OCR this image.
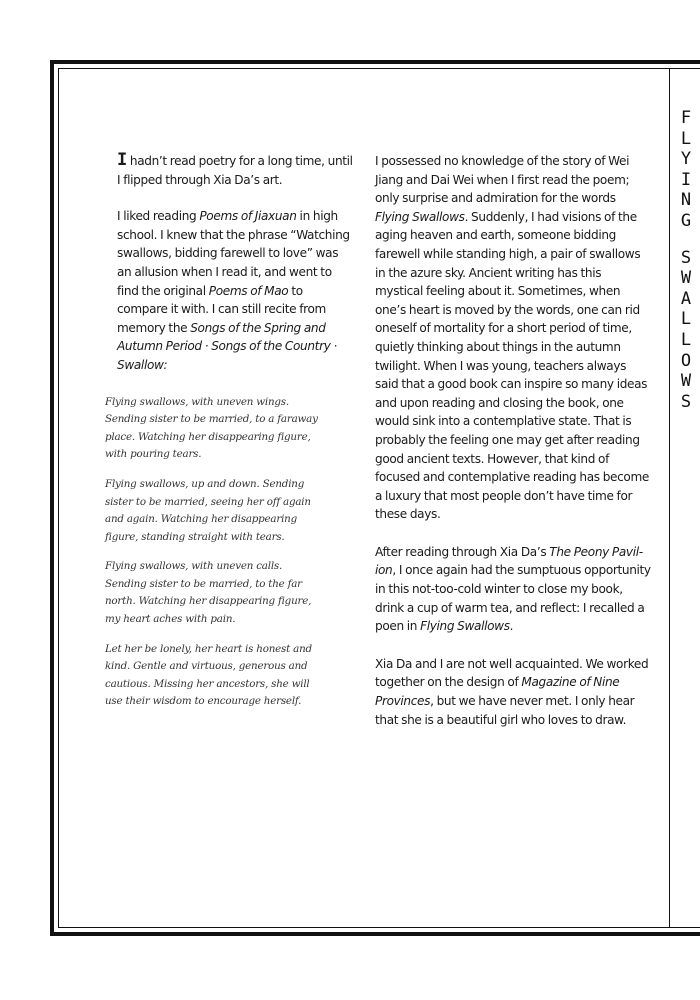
F
L
Y
I
N
G
S
W
A
L
L
O
W
S

I hadn’t read poetry for a long time, until I flipped through Xia Da’s art.

I liked reading Poems of Jiaxuan in high school. I knew that the phrase “Watching swallows, bidding farewell to love” was an allusion when I read it, and went to find the original Poems of Mao to compare it with. I can still recite from memory the Songs of the Spring and Autumn Period · Songs of the Country · Swallow:

Flying swallows, with uneven wings. Sending sister to be married, to a faraway place. Watching her disappearing figure, with pouring tears.
Flying swallows, up and down. Sending sister to be married, seeing her off again and again. Watching her disappearing figure, standing straight with tears.
Flying swallows, with uneven calls. Sending sister to be married, to the far north. Watching her disappearing figure, my heart aches with pain.
Let her be lonely, her heart is honest and kind. Gentle and virtuous, generous and cautious. Missing her ancestors, she will use their wisdom to encourage herself.

I possessed no knowledge of the story of Wei Jiang and Dai Wei when I first read the poem; only surprise and admiration for the words Flying Swallows. Suddenly, I had visions of the aging heaven and earth, someone bidding farewell while standing high, a pair of swallows in the azure sky. Ancient writing has this mystical feeling about it. Sometimes, when one’s heart is moved by the words, one can rid oneself of mortality for a short period of time, quietly thinking about things in the autumn twilight. When I was young, teachers always said that a good book can inspire so many ideas and upon reading and closing the book, one would sink into a contemplative state. That is probably the feeling one may get after reading good ancient texts. However, that kind of focused and contemplative reading has become a luxury that most people don’t have time for these days.

After reading through Xia Da’s The Peony Pavil-ion, I once again had the sumptuous opportunity in this not-too-cold winter to close my book, drink a cup of warm tea, and reflect: I recalled a poen in Flying Swallows.

Xia Da and I are not well acquainted. We worked together on the design of Magazine of Nine Provinces, but we have never met. I only hear that she is a beautiful girl who loves to draw.
